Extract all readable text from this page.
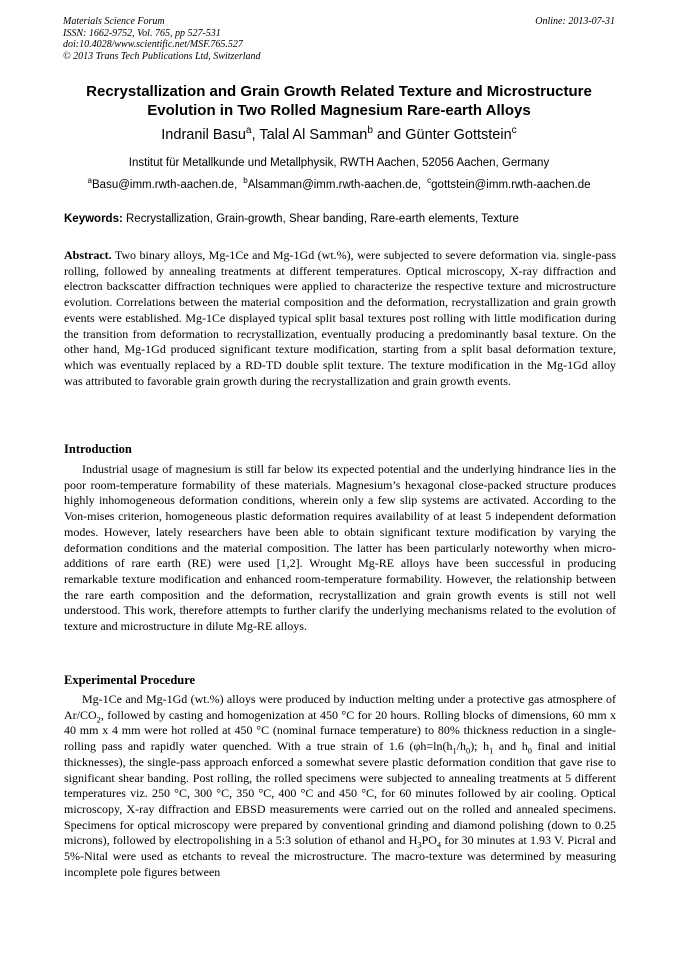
Materials Science Forum
ISSN: 1662-9752, Vol. 765, pp 527-531
doi:10.4028/www.scientific.net/MSF.765.527
© 2013 Trans Tech Publications Ltd, Switzerland
Online: 2013-07-31
Recrystallization and Grain Growth Related Texture and Microstructure Evolution in Two Rolled Magnesium Rare-earth Alloys
Indranil Basu$^a$, Talal Al Samman$^b$ and Günter Gottstein$^c$
Institut für Metallkunde und Metallphysik, RWTH Aachen, 52056 Aachen, Germany
$^a$Basu@imm.rwth-aachen.de, $^b$Alsamman@imm.rwth-aachen.de, $^c$gottstein@imm.rwth-aachen.de
Keywords: Recrystallization, Grain-growth, Shear banding, Rare-earth elements, Texture
Abstract. Two binary alloys, Mg-1Ce and Mg-1Gd (wt.%), were subjected to severe deformation via. single-pass rolling, followed by annealing treatments at different temperatures. Optical microscopy, X-ray diffraction and electron backscatter diffraction techniques were applied to characterize the respective texture and microstructure evolution. Correlations between the material composition and the deformation, recrystallization and grain growth events were established. Mg-1Ce displayed typical split basal textures post rolling with little modification during the transition from deformation to recrystallization, eventually producing a predominantly basal texture. On the other hand, Mg-1Gd produced significant texture modification, starting from a split basal deformation texture, which was eventually replaced by a RD-TD double split texture. The texture modification in the Mg-1Gd alloy was attributed to favorable grain growth during the recrystallization and grain growth events.
Introduction
Industrial usage of magnesium is still far below its expected potential and the underlying hindrance lies in the poor room-temperature formability of these materials. Magnesium’s hexagonal close-packed structure produces highly inhomogeneous deformation conditions, wherein only a few slip systems are activated. According to the Von-mises criterion, homogeneous plastic deformation requires availability of at least 5 independent deformation modes. However, lately researchers have been able to obtain significant texture modification by varying the deformation conditions and the material composition. The latter has been particularly noteworthy when micro-additions of rare earth (RE) were used [1,2]. Wrought Mg-RE alloys have been successful in producing remarkable texture modification and enhanced room-temperature formability. However, the relationship between the rare earth composition and the deformation, recrystallization and grain growth events is still not well understood. This work, therefore attempts to further clarify the underlying mechanisms related to the evolution of texture and microstructure in dilute Mg-RE alloys.
Experimental Procedure
Mg-1Ce and Mg-1Gd (wt.%) alloys were produced by induction melting under a protective gas atmosphere of $Ar/CO_2$, followed by casting and homogenization at 450 °C for 20 hours. Rolling blocks of dimensions, 60 mm x 40 mm x 4 mm were hot rolled at 450 °C (nominal furnace temperature) to 80% thickness reduction in a single-rolling pass and rapidly water quenched. With a true strain of 1.6 ($\varphi h=\ln(h_1/h_0)$; $h_1$ and $h_0$ final and initial thicknesses), the single-pass approach enforced a somewhat severe plastic deformation condition that gave rise to significant shear banding. Post rolling, the rolled specimens were subjected to annealing treatments at 5 different temperatures viz. 250 °C, 300 °C, 350 °C, 400 °C and 450 °C, for 60 minutes followed by air cooling. Optical microscopy, X-ray diffraction and EBSD measurements were carried out on the rolled and annealed specimens. Specimens for optical microscopy were prepared by conventional grinding and diamond polishing (down to 0.25 microns), followed by electropolishing in a 5:3 solution of ethanol and $H_3PO_4$ for 30 minutes at 1.93 V. Picral and 5%-Nital were used as etchants to reveal the microstructure. The macro-texture was determined by measuring incomplete pole figures between
